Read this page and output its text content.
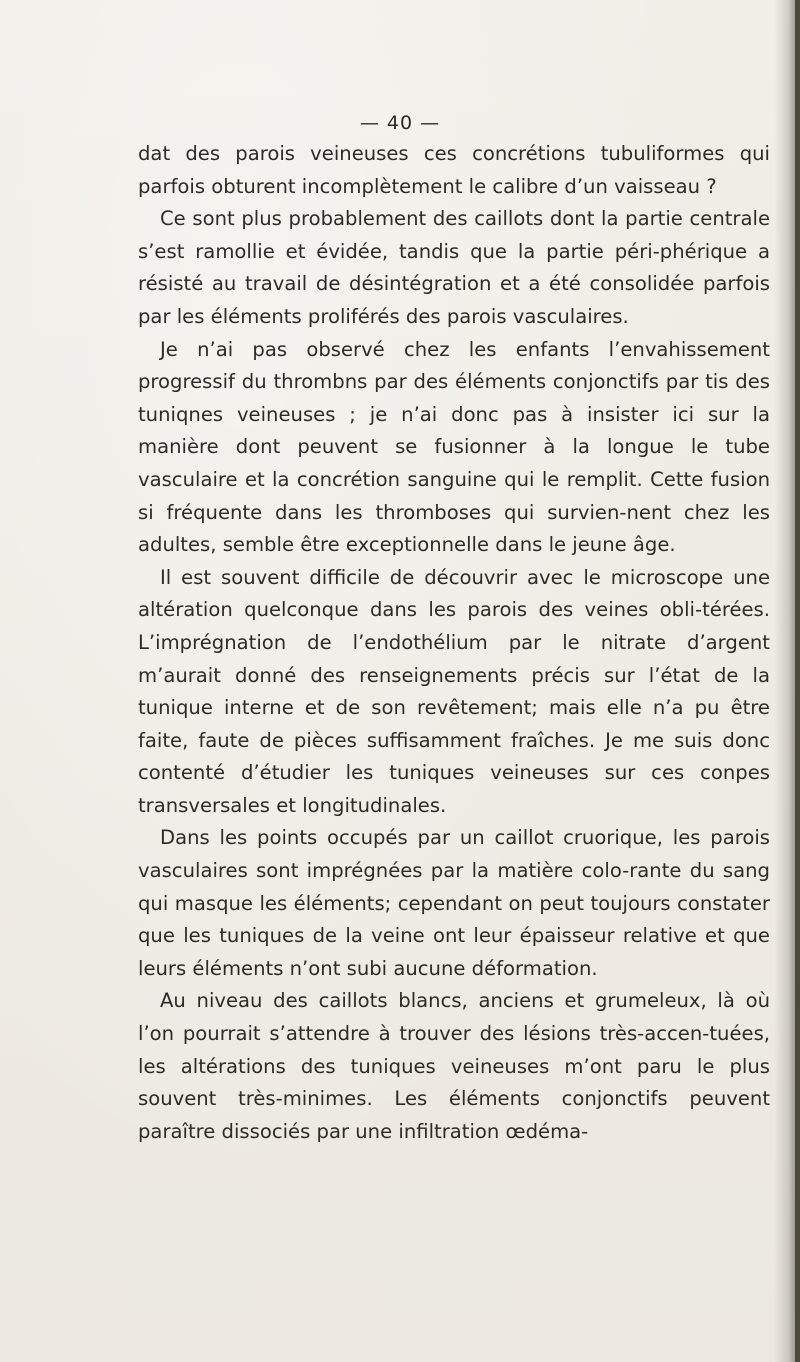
— 40 —

dat des parois veineuses ces concrétions tubuliformes qui parfois obturent incomplètement le calibre d’un vaisseau ?

Ce sont plus probablement des caillots dont la partie centrale s’est ramollie et évidée, tandis que la partie péri-phérique a résisté au travail de désintégration et a été consolidée parfois par les éléments proliférés des parois vasculaires.

Je n’ai pas observé chez les enfants l’envahissement progressif du thrombns par des éléments conjonctifs par tis des tuniqnes veineuses ; je n’ai donc pas à insister ici sur la manière dont peuvent se fusionner à la longue le tube vasculaire et la concrétion sanguine qui le remplit. Cette fusion si fréquente dans les thromboses qui survien-nent chez les adultes, semble être exceptionnelle dans le jeune âge.

Il est souvent difficile de découvrir avec le microscope une altération quelconque dans les parois des veines obli-térées. L’imprégnation de l’endothélium par le nitrate d’argent m’aurait donné des renseignements précis sur l’état de la tunique interne et de son revêtement; mais elle n’a pu être faite, faute de pièces suffisamment fraîches. Je me suis donc contenté d’étudier les tuniques veineuses sur ces conpes transversales et longitudinales.

Dans les points occupés par un caillot cruorique, les parois vasculaires sont imprégnées par la matière colo-rante du sang qui masque les éléments; cependant on peut toujours constater que les tuniques de la veine ont leur épaisseur relative et que leurs éléments n’ont subi aucune déformation.

Au niveau des caillots blancs, anciens et grumeleux, là où l’on pourrait s’attendre à trouver des lésions très-accen-tuées, les altérations des tuniques veineuses m’ont paru le plus souvent très-minimes. Les éléments conjonctifs peuvent paraître dissociés par une infiltration œdéma-
